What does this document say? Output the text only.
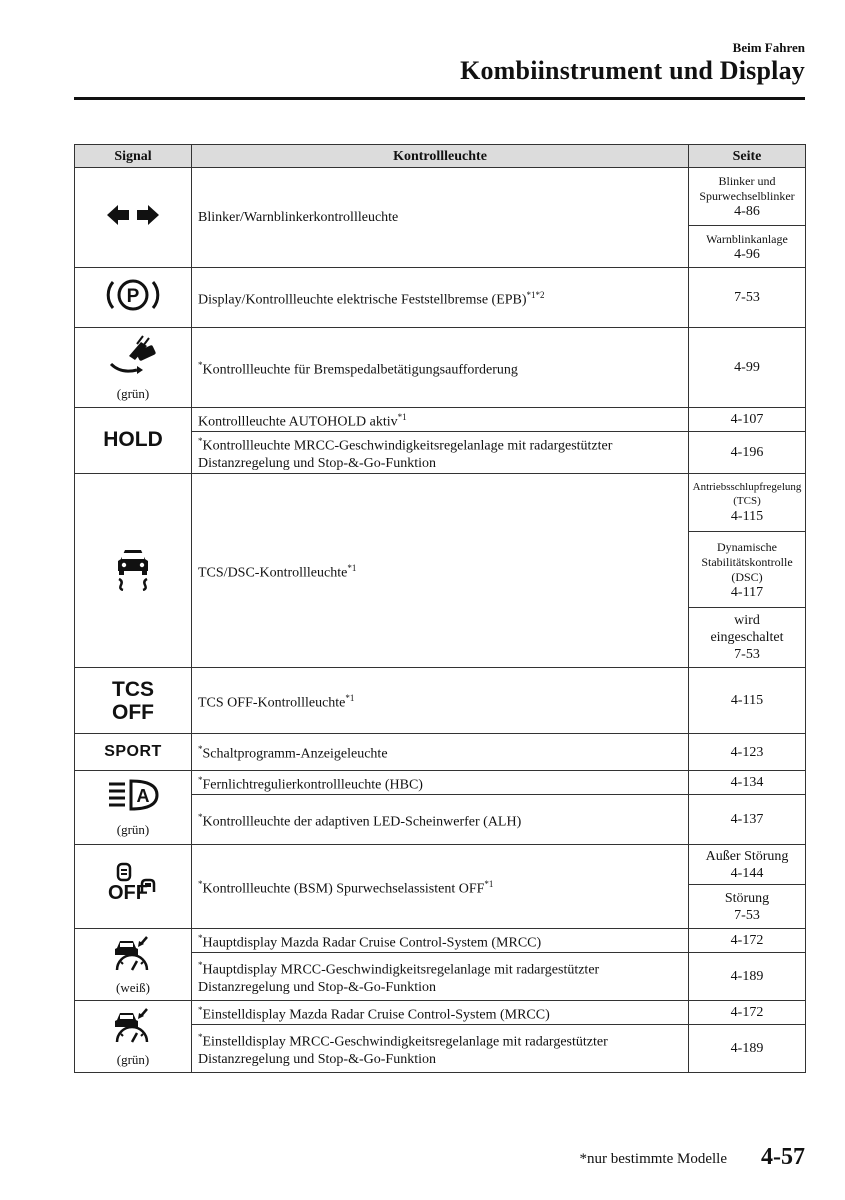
Beim Fahren
Kombiinstrument und Display
Signal	Kontrollleuchte	Seite
	Blinker/Warnblinkerkontrollleuchte	Blinker und
Spurwechselblinker
4-86

		Warnblinkanlage
4-96

P	Display/Kontrollleuchte elektrische Feststellbremse (EPB)$^{*1*2}$	7-53

(grün)	*Kontrollleuchte für Bremspedalbetätigungsaufforderung	4-99
HOLD	Kontrollleuchte AUTOHOLD aktiv$^{*1}$	4-107

	*Kontrollleuchte MRCC-Geschwindigkeitsregelanlage mit radargestützter
Distanzregelung und Stop-&-Go-Funktion	4-196
	TCS/DSC-Kontrollleuchte$^{*1}$	Antriebsschlupfregelung
(TCS)
4-115

		Dynamische
Stabilitätskontrolle
(DSC)
4-117

		wird
eingeschaltet
7-53

TCS
OFF	TCS OFF-Kontrollleuchte$^{*1}$	4-115
SPORT	*Schaltprogramm-Anzeigeleuchte	4-123

A
(grün)	*Fernlichtregulierkontrollleuchte (HBC)	4-134
	*Kontrollleuchte der adaptiven LED-Scheinwerfer (ALH)	4-137

OFF	*Kontrollleuchte (BSM) Spurwechselassistent OFF$^{*1}$	Außer Störung
4-144

		Störung
7-53

(weiß)	*Hauptdisplay Mazda Radar Cruise Control-System (MRCC)	4-172

	*Hauptdisplay MRCC-Geschwindigkeitsregelanlage mit radargestützter
Distanzregelung und Stop-&-Go-Funktion	4-189

(grün)	*Einstelldisplay Mazda Radar Cruise Control-System (MRCC)	4-172

	*Einstelldisplay MRCC-Geschwindigkeitsregelanlage mit radargestützter
Distanzregelung und Stop-&-Go-Funktion	4-189
*nur bestimmte Modelle 4-57
